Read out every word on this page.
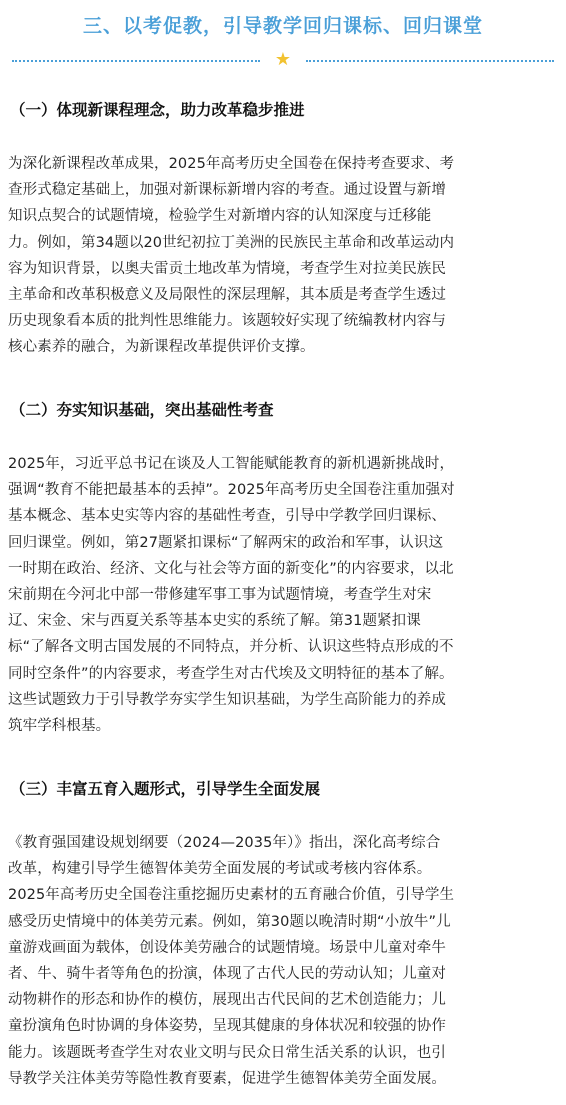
三、以考促教，引导教学回归课标、回归课堂
★
（一）体现新课程理念，助力改革稳步推进
为深化新课程改革成果，2025年高考历史全国卷在保持考查要求、考
查形式稳定基础上，加强对新课标新增内容的考查。通过设置与新增
知识点契合的试题情境，检验学生对新增内容的认知深度与迁移能
力。例如，第34题以20世纪初拉丁美洲的民族民主革命和改革运动内
容为知识背景，以奥夫雷贡土地改革为情境，考查学生对拉美民族民
主革命和改革积极意义及局限性的深层理解，其本质是考查学生透过
历史现象看本质的批判性思维能力。该题较好实现了统编教材内容与
核心素养的融合，为新课程改革提供评价支撑。
（二）夯实知识基础，突出基础性考查
2025年，习近平总书记在谈及人工智能赋能教育的新机遇新挑战时，
强调“教育不能把最基本的丢掉”。2025年高考历史全国卷注重加强对
基本概念、基本史实等内容的基础性考查，引导中学教学回归课标、
回归课堂。例如，第27题紧扣课标“了解两宋的政治和军事，认识这
一时期在政治、经济、文化与社会等方面的新变化”的内容要求，以北
宋前期在今河北中部一带修建军事工事为试题情境，考查学生对宋
辽、宋金、宋与西夏关系等基本史实的系统了解。第31题紧扣课
标“了解各文明古国发展的不同特点，并分析、认识这些特点形成的不
同时空条件”的内容要求，考查学生对古代埃及文明特征的基本了解。
这些试题致力于引导教学夯实学生知识基础，为学生高阶能力的养成
筑牢学科根基。
（三）丰富五育入题形式，引导学生全面发展
《教育强国建设规划纲要（2024—2035年）》指出，深化高考综合
改革，构建引导学生德智体美劳全面发展的考试或考核内容体系。
2025年高考历史全国卷注重挖掘历史素材的五育融合价值，引导学生
感受历史情境中的体美劳元素。例如，第30题以晚清时期“小放牛”儿
童游戏画面为载体，创设体美劳融合的试题情境。场景中儿童对牵牛
者、牛、骑牛者等角色的扮演，体现了古代人民的劳动认知；儿童对
动物耕作的形态和协作的模仿，展现出古代民间的艺术创造能力；儿
童扮演角色时协调的身体姿势，呈现其健康的身体状况和较强的协作
能力。该题既考查学生对农业文明与民众日常生活关系的认识，也引
导教学关注体美劳等隐性教育要素，促进学生德智体美劳全面发展。
